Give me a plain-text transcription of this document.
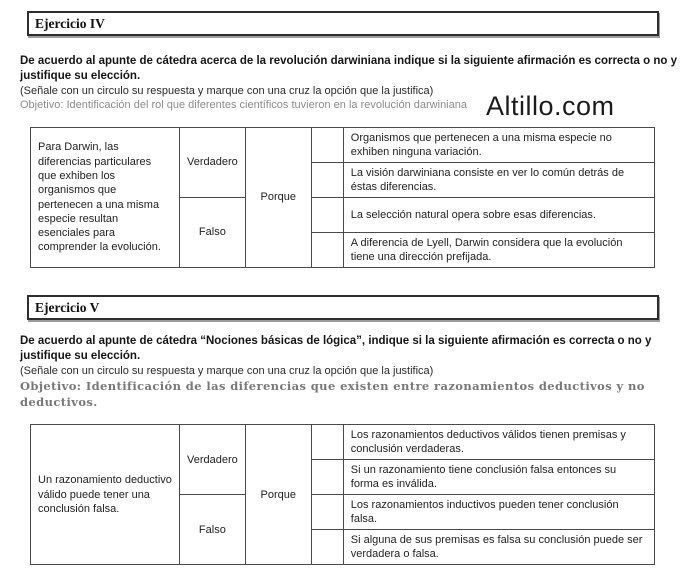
Ejercicio IV
De acuerdo al apunte de cátedra acerca de la revolución darwiniana indique si la siguiente afirmación es correcta o no y justifique su elección.
(Señale con un circulo su respuesta y marque con una cruz la opción que la justifica)
Objetivo: Identificación del rol que diferentes científicos tuvieron en la revolución darwiniana Altillo.com
Para Darwin, las diferencias particulares que exhiben los organismos que pertenecen a una misma especie resultan esenciales para comprender la evolución.	Verdadero	Porque		Organismos que pertenecen a una misma especie no exhiben ninguna variación.
				La visión darwiniana consiste en ver lo común detrás de éstas diferencias.
	Falso			La selección natural opera sobre esas diferencias.
				A diferencia de Lyell, Darwin considera que la evolución tiene una dirección prefijada.
Ejercicio V
De acuerdo al apunte de cátedra “Nociones básicas de lógica”, indique si la siguiente afirmación es correcta o no y justifique su elección.
(Señale con un circulo su respuesta y marque con una cruz la opción que la justifica)
Objetivo: Identificación de las diferencias que existen entre razonamientos deductivos y no deductivos.
Un razonamiento deductivo válido puede tener una conclusión falsa.	Verdadero	Porque		Los razonamientos deductivos válidos tienen premisas y conclusión verdaderas.
				Si un razonamiento tiene conclusión falsa entonces su forma es inválida.
	Falso			Los razonamientos inductivos pueden tener conclusión falsa.
				Si alguna de sus premisas es falsa su conclusión puede ser verdadera o falsa.
